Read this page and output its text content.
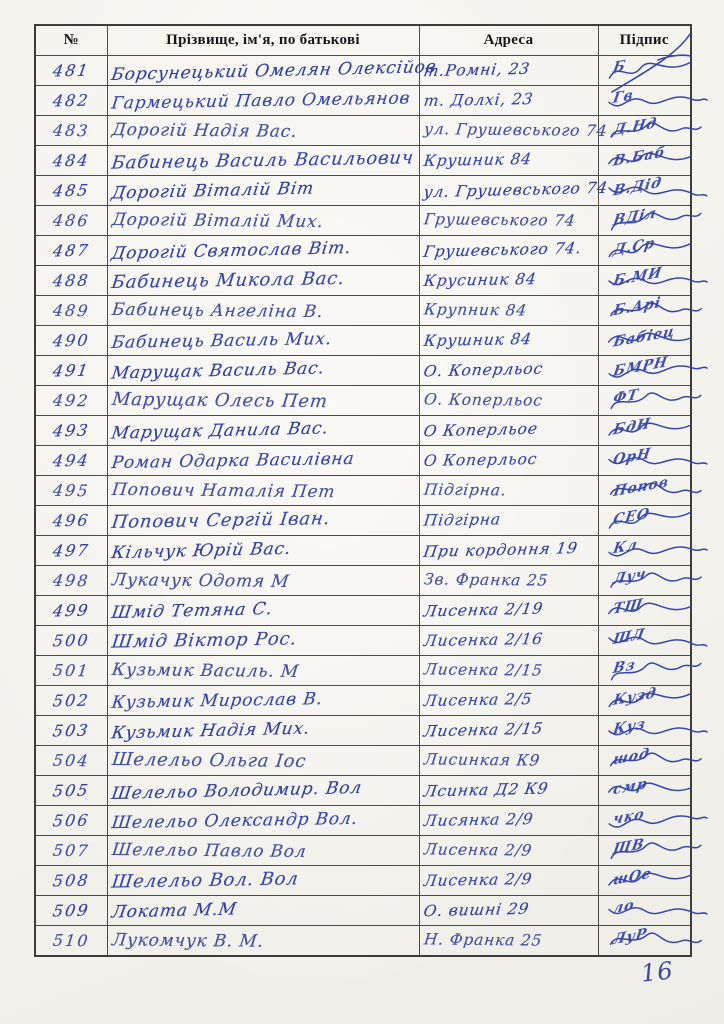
№	Прізвище, ім'я, по батькові	Адреса	Підпис
481	Борсунецький Омелян Олексійов	т.Ромні, 23	Б

482	Гармецький Павло Омельянов	т. Долхі, 23	Гв

483	Дорогій Надія Вас.	ул. Грушевського 74	Д.Нд

484	Бабинець Василь Васильович	Крушник 84	В.Баб

485	Дорогій Віталій Віт	ул. Грушевського 74	В.Дід

486	Дорогій Віталій Мих.	Грушевського 74	ВДіл

487	Дорогій Святослав Віт.	Грушевського 74.	Д.Ср

488	Бабинець Микола Вас.	Крусиник 84	Б.МИ

489	Бабинець Ангеліна В.	Крупник 84	Б.Арі

490	Бабинець Василь Мих.	Крушник 84	Бабіец

491	Марущак Василь Вас.	О. Коперльос	БМРН

492	Марущак Олесь Пет	О. Коперльос	ФТ

493	Марущак Данила Вас.	О Коперльое	БдН

494	Роман Одарка Василівна	О Коперльос	ОрН

495	Попович Наталія Пет	Підгірна.	Попов

496	Попович Сергій Іван.	Підгірна	СЕО

497	Кільчук Юрій Вас.	При кордоння 19	Кл

498	Лукачук Одотя М	Зв. Франка 25	Луч

499	Шмід Тетяна С.	Лисенка 2/19	ТШ

500	Шмід Віктор Рос.	Лисенка 2/16	ШЛ

501	Кузьмик Василь. М	Лисенка 2/15	Вз

502	Кузьмик Мирослав В.	Лисенка 2/5	Кузд

503	Кузьмик Надія Мих.	Лисенка 2/15	Куз

504	Шелельо Ольга Іос	Лисинкая К9	шод

505	Шелельо Володимир. Вол	Лсинка Д2 К9	смр

506	Шелельо Олександр Вол.	Лисянка 2/9	чко

507	Шелельо Павло Вол	Лисенка 2/9	ШВ

508	Шелельо Вол. Вол	Лисенка 2/9	шОе

509	Локата М.М	О. вишні 29	ло

510	Лукомчук В. М.	Н. Франка 25	ЛуР
16
